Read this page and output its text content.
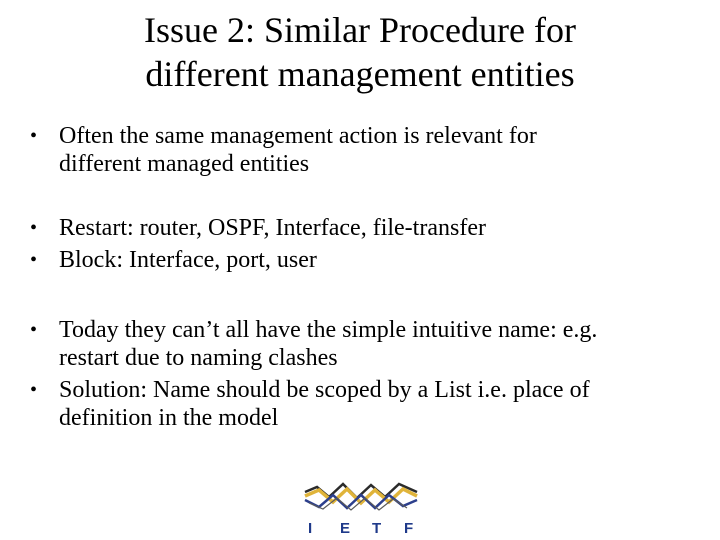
Issue 2: Similar Procedure for
different management entities
• Often the same management action is relevant for
different managed entities
• Restart: router, OSPF, Interface, file-transfer
• Block: Interface, port, user
• Today they can’t all have the simple intuitive name: e.g.
restart due to naming clashes
• Solution: Name should be scoped by a List i.e. place of
definition in the model
I E T F
